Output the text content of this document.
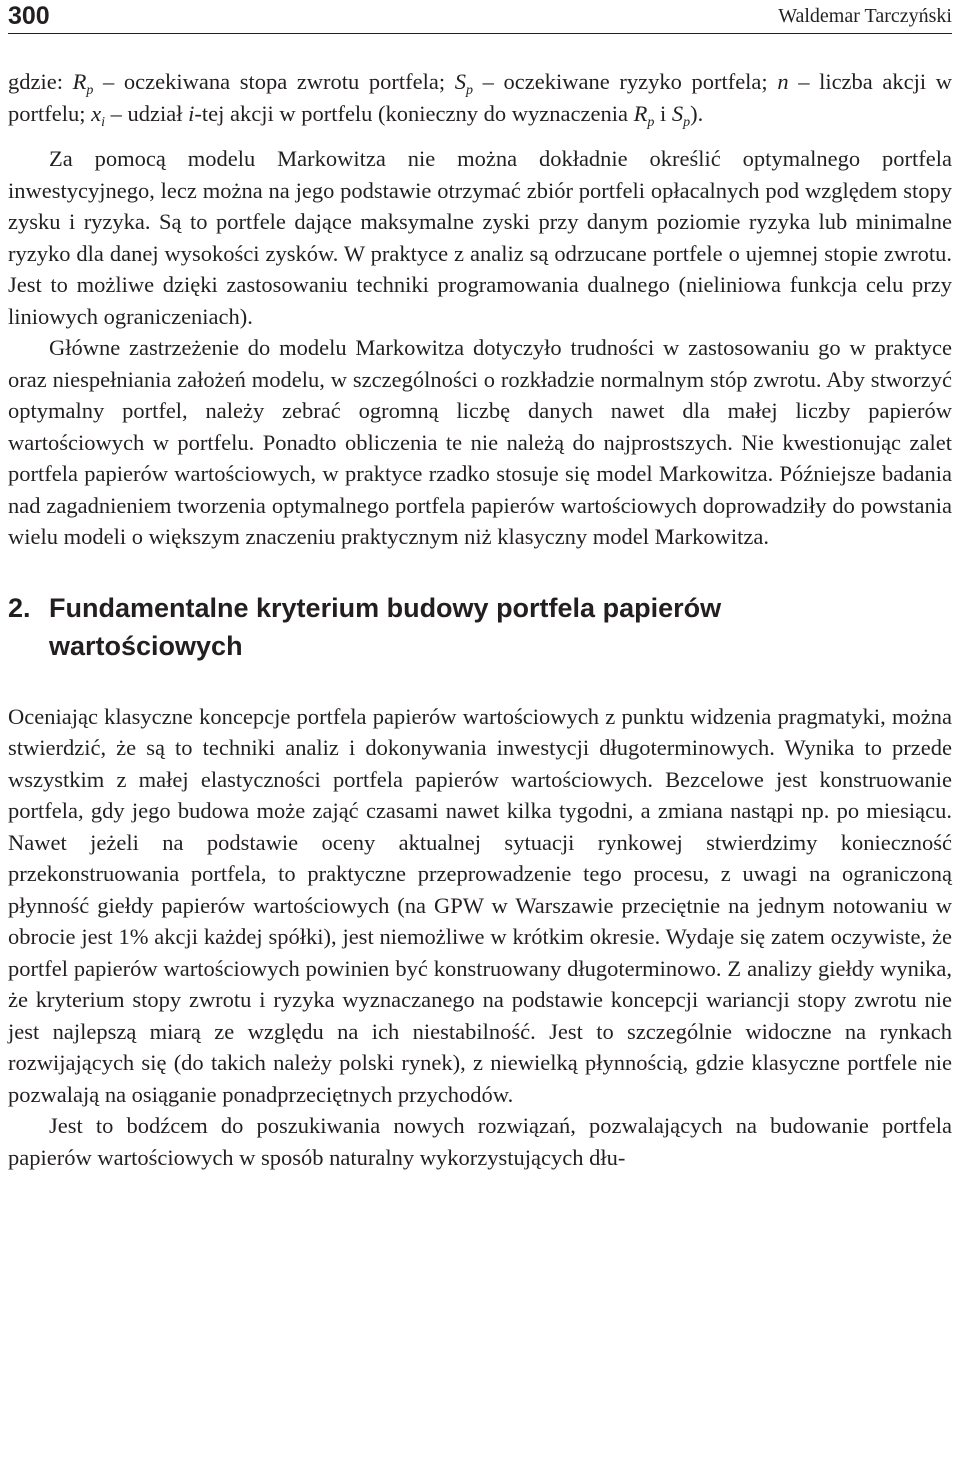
300	Waldemar Tarczyński

gdzie: $R_p$ – oczekiwana stopa zwrotu portfela; $S_p$ – oczekiwane ryzyko portfela; n – liczba akcji w portfelu; $x_i$ – udział i-tej akcji w portfelu (konieczny do wyznaczenia $R_p$ i $S_p$).

Za pomocą modelu Markowitza nie można dokładnie określić optymalnego portfela inwestycyjnego, lecz można na jego podstawie otrzymać zbiór portfeli opłacalnych pod względem stopy zysku i ryzyka. Są to portfele dające maksymalne zyski przy danym poziomie ryzyka lub minimalne ryzyko dla danej wysokości zysków. W praktyce z analiz są odrzucane portfele o ujemnej stopie zwrotu. Jest to możliwe dzięki zastosowaniu techniki programowania dualnego (nieliniowa funkcja celu przy liniowych ograniczeniach).

Główne zastrzeżenie do modelu Markowitza dotyczyło trudności w zastosowaniu go w praktyce oraz niespełniania założeń modelu, w szczególności o rozkładzie normalnym stóp zwrotu. Aby stworzyć optymalny portfel, należy zebrać ogromną liczbę danych nawet dla małej liczby papierów wartościowych w portfelu. Ponadto obliczenia te nie należą do najprostszych. Nie kwestionując zalet portfela papierów wartościowych, w praktyce rzadko stosuje się model Markowitza. Późniejsze badania nad zagadnieniem tworzenia optymalnego portfela papierów wartościowych doprowadziły do powstania wielu modeli o większym znaczeniu praktycznym niż klasyczny model Markowitza.

2. Fundamentalne kryterium budowy portfela papierów
wartościowych

Oceniając klasyczne koncepcje portfela papierów wartościowych z punktu widzenia pragmatyki, można stwierdzić, że są to techniki analiz i dokonywania inwestycji długoterminowych. Wynika to przede wszystkim z małej elastyczności portfela papierów wartościowych. Bezcelowe jest konstruowanie portfela, gdy jego budowa może zająć czasami nawet kilka tygodni, a zmiana nastąpi np. po miesiącu. Nawet jeżeli na podstawie oceny aktualnej sytuacji rynkowej stwierdzimy konieczność przekonstruowania portfela, to praktyczne przeprowadzenie tego procesu, z uwagi na ograniczoną płynność giełdy papierów wartościowych (na GPW w Warszawie przeciętnie na jednym notowaniu w obrocie jest 1% akcji każdej spółki), jest niemożliwe w krótkim okresie. Wydaje się zatem oczywiste, że portfel papierów wartościowych powinien być konstruowany długoterminowo. Z analizy giełdy wynika, że kryterium stopy zwrotu i ryzyka wyznaczanego na podstawie koncepcji wariancji stopy zwrotu nie jest najlepszą miarą ze względu na ich niestabilność. Jest to szczególnie widoczne na rynkach rozwijających się (do takich należy polski rynek), z niewielką płynnością, gdzie klasyczne portfele nie pozwalają na osiąganie ponadprzeciętnych przychodów.

Jest to bodźcem do poszukiwania nowych rozwiązań, pozwalających na budowanie portfela papierów wartościowych w sposób naturalny wykorzystujących dłu-
